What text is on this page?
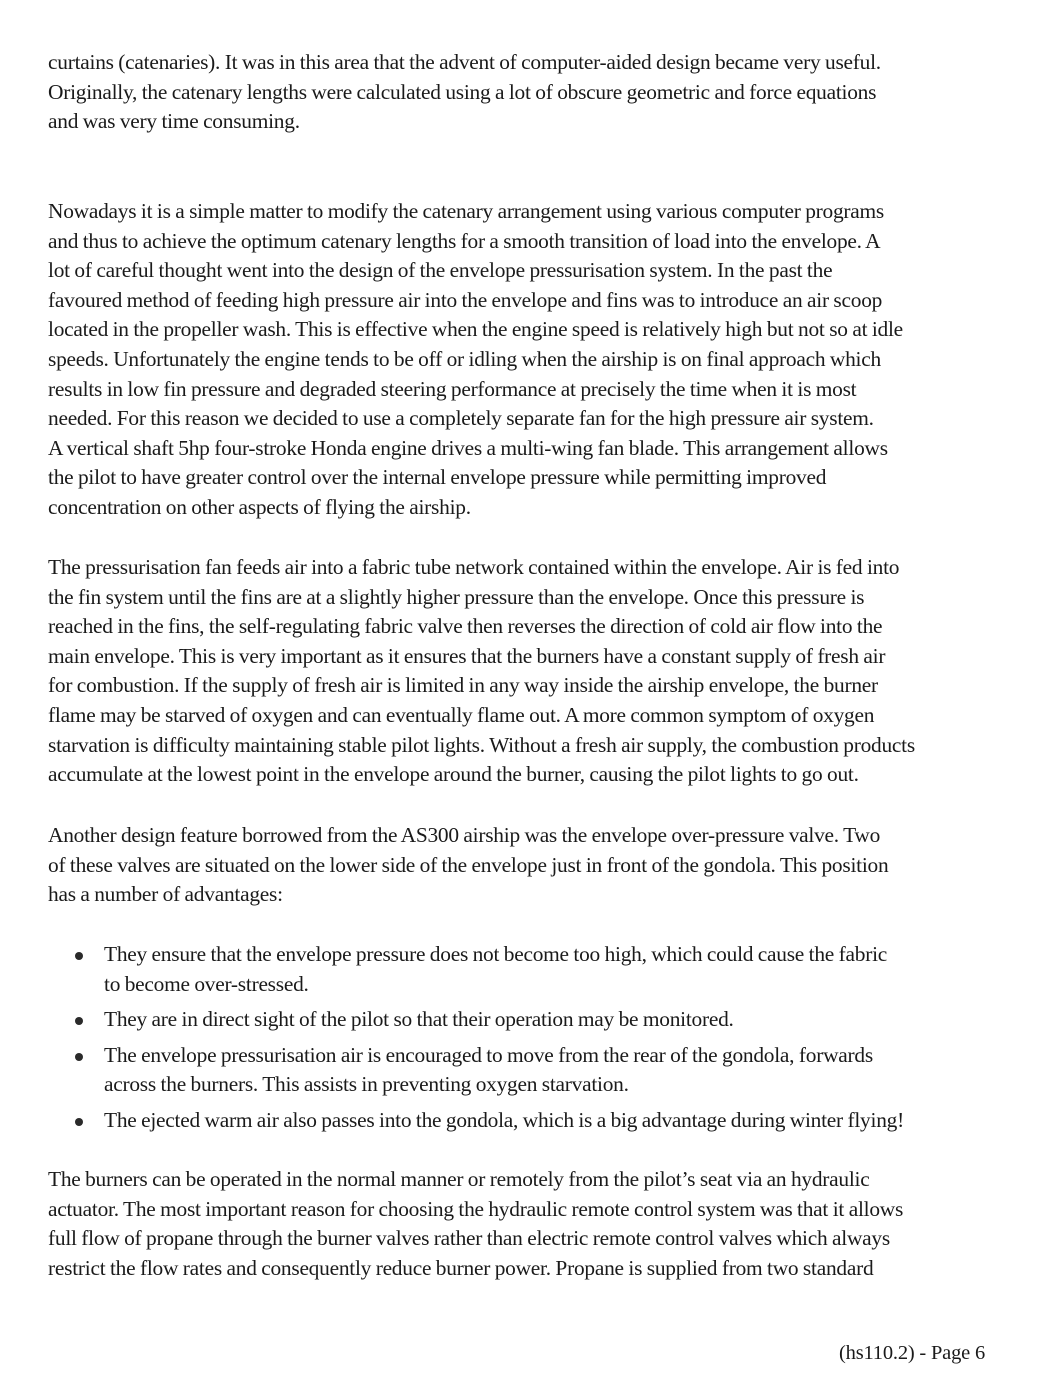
curtains (catenaries). It was in this area that the advent of computer-aided design became very useful.
Originally, the catenary lengths were calculated using a lot of obscure geometric and force equations
and was very time consuming.

Nowadays it is a simple matter to modify the catenary arrangement using various computer programs
and thus to achieve the optimum catenary lengths for a smooth transition of load into the envelope. A
lot of careful thought went into the design of the envelope pressurisation system. In the past the
favoured method of feeding high pressure air into the envelope and fins was to introduce an air scoop
located in the propeller wash. This is effective when the engine speed is relatively high but not so at idle
speeds. Unfortunately the engine tends to be off or idling when the airship is on final approach which
results in low fin pressure and degraded steering performance at precisely the time when it is most
needed. For this reason we decided to use a completely separate fan for the high pressure air system.
A vertical shaft 5hp four-stroke Honda engine drives a multi-wing fan blade. This arrangement allows
the pilot to have greater control over the internal envelope pressure while permitting improved
concentration on other aspects of flying the airship.

The pressurisation fan feeds air into a fabric tube network contained within the envelope. Air is fed into
the fin system until the fins are at a slightly higher pressure than the envelope. Once this pressure is
reached in the fins, the self-regulating fabric valve then reverses the direction of cold air flow into the
main envelope. This is very important as it ensures that the burners have a constant supply of fresh air
for combustion. If the supply of fresh air is limited in any way inside the airship envelope, the burner
flame may be starved of oxygen and can eventually flame out. A more common symptom of oxygen
starvation is difficulty maintaining stable pilot lights. Without a fresh air supply, the combustion products
accumulate at the lowest point in the envelope around the burner, causing the pilot lights to go out.

Another design feature borrowed from the AS300 airship was the envelope over-pressure valve. Two
of these valves are situated on the lower side of the envelope just in front of the gondola. This position
has a number of advantages:

They ensure that the envelope pressure does not become too high, which could cause the fabric
to become over-stressed.
They are in direct sight of the pilot so that their operation may be monitored.
The envelope pressurisation air is encouraged to move from the rear of the gondola, forwards
across the burners. This assists in preventing oxygen starvation.
The ejected warm air also passes into the gondola, which is a big advantage during winter flying!

The burners can be operated in the normal manner or remotely from the pilot’s seat via an hydraulic
actuator. The most important reason for choosing the hydraulic remote control system was that it allows
full flow of propane through the burner valves rather than electric remote control valves which always
restrict the flow rates and consequently reduce burner power. Propane is supplied from two standard

(hs110.2) - Page 6
